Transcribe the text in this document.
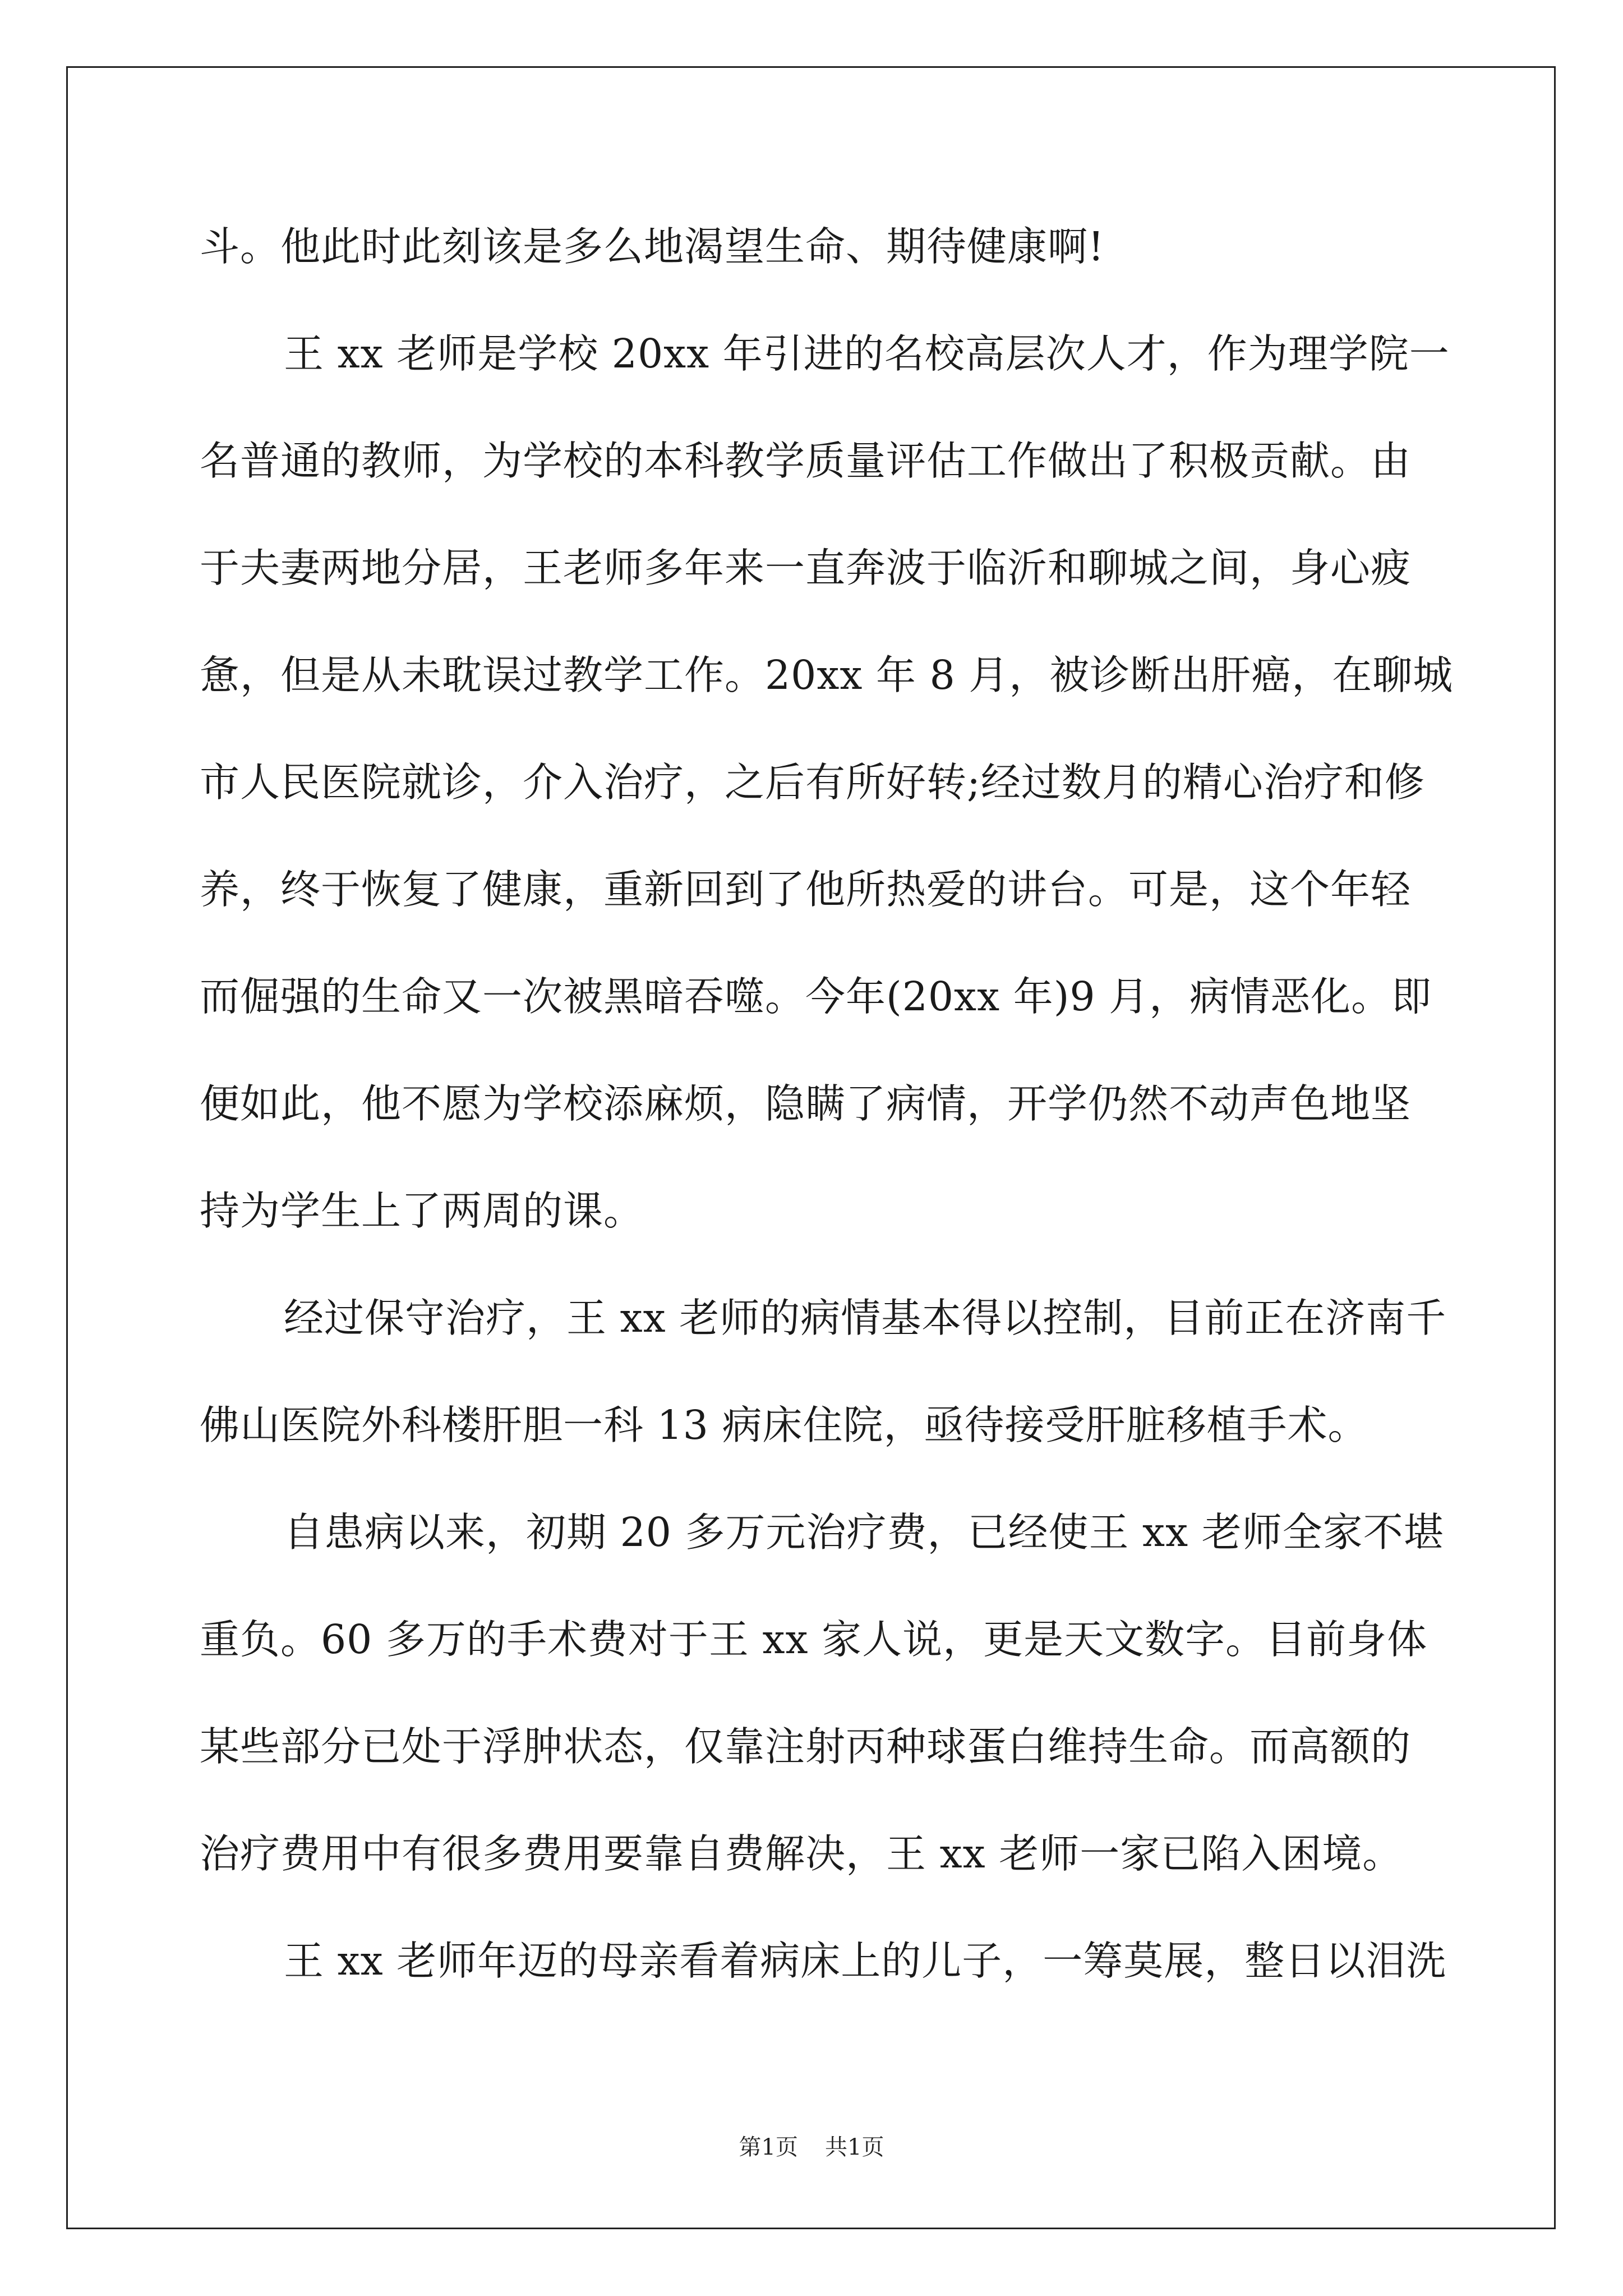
斗。他此时此刻该是多么地渴望生命、期待健康啊!
王 xx 老师是学校 20xx 年引进的名校高层次人才，作为理学院一
名普通的教师，为学校的本科教学质量评估工作做出了积极贡献。由
于夫妻两地分居，王老师多年来一直奔波于临沂和聊城之间，身心疲
惫，但是从未耽误过教学工作。20xx 年 8 月，被诊断出肝癌，在聊城
市人民医院就诊，介入治疗，之后有所好转;经过数月的精心治疗和修
养，终于恢复了健康，重新回到了他所热爱的讲台。可是，这个年轻
而倔强的生命又一次被黑暗吞噬。今年(20xx 年)9 月，病情恶化。即
便如此，他不愿为学校添麻烦，隐瞒了病情，开学仍然不动声色地坚
持为学生上了两周的课。
经过保守治疗，王 xx 老师的病情基本得以控制，目前正在济南千
佛山医院外科楼肝胆一科 13 病床住院，亟待接受肝脏移植手术。
自患病以来，初期 20 多万元治疗费，已经使王 xx 老师全家不堪
重负。60 多万的手术费对于王 xx 家人说，更是天文数字。目前身体
某些部分已处于浮肿状态，仅靠注射丙种球蛋白维持生命。而高额的
治疗费用中有很多费用要靠自费解决，王 xx 老师一家已陷入困境。
王 xx 老师年迈的母亲看着病床上的儿子，一筹莫展，整日以泪洗
第1页 共1页
